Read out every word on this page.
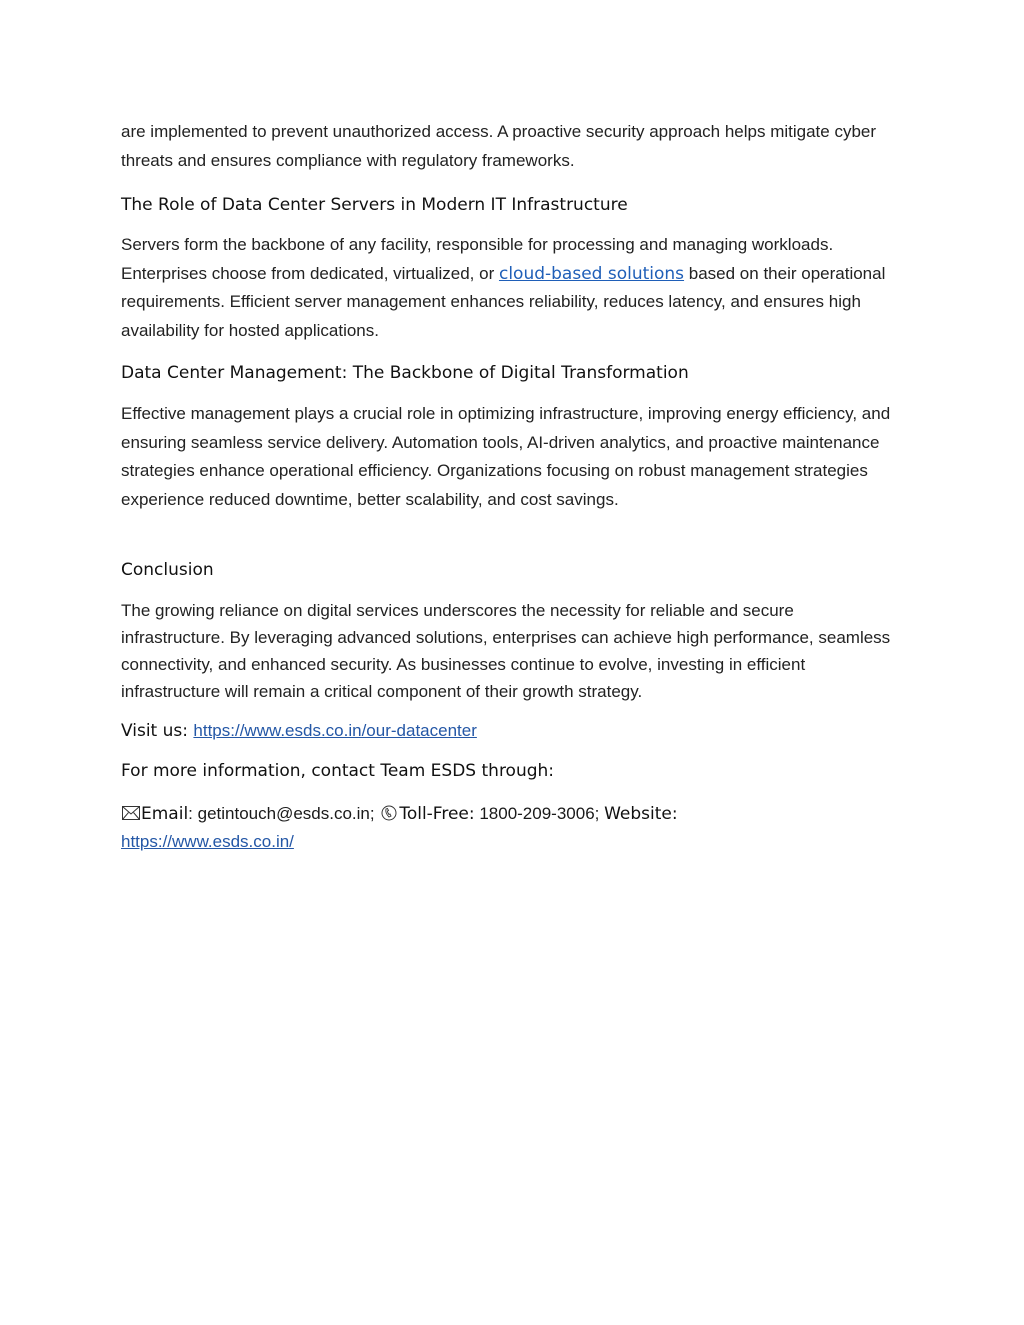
are implemented to prevent unauthorized access. A proactive security approach helps mitigate cyber threats and ensures compliance with regulatory frameworks.

The Role of Data Center Servers in Modern IT Infrastructure

Servers form the backbone of any facility, responsible for processing and managing workloads. Enterprises choose from dedicated, virtualized, or cloud-based solutions based on their operational requirements. Efficient server management enhances reliability, reduces latency, and ensures high availability for hosted applications.

Data Center Management: The Backbone of Digital Transformation

Effective management plays a crucial role in optimizing infrastructure, improving energy efficiency, and ensuring seamless service delivery. Automation tools, AI-driven analytics, and proactive maintenance strategies enhance operational efficiency. Organizations focusing on robust management strategies experience reduced downtime, better scalability, and cost savings.

Conclusion

The growing reliance on digital services underscores the necessity for reliable and secure infrastructure. By leveraging advanced solutions, enterprises can achieve high performance, seamless connectivity, and enhanced security. As businesses continue to evolve, investing in efficient infrastructure will remain a critical component of their growth strategy.

Visit us: https://www.esds.co.in/our-datacenter
For more information, contact Team ESDS through:
Email: getintouch@esds.co.in; Toll-Free: 1800-209-3006; Website:
https://www.esds.co.in/
